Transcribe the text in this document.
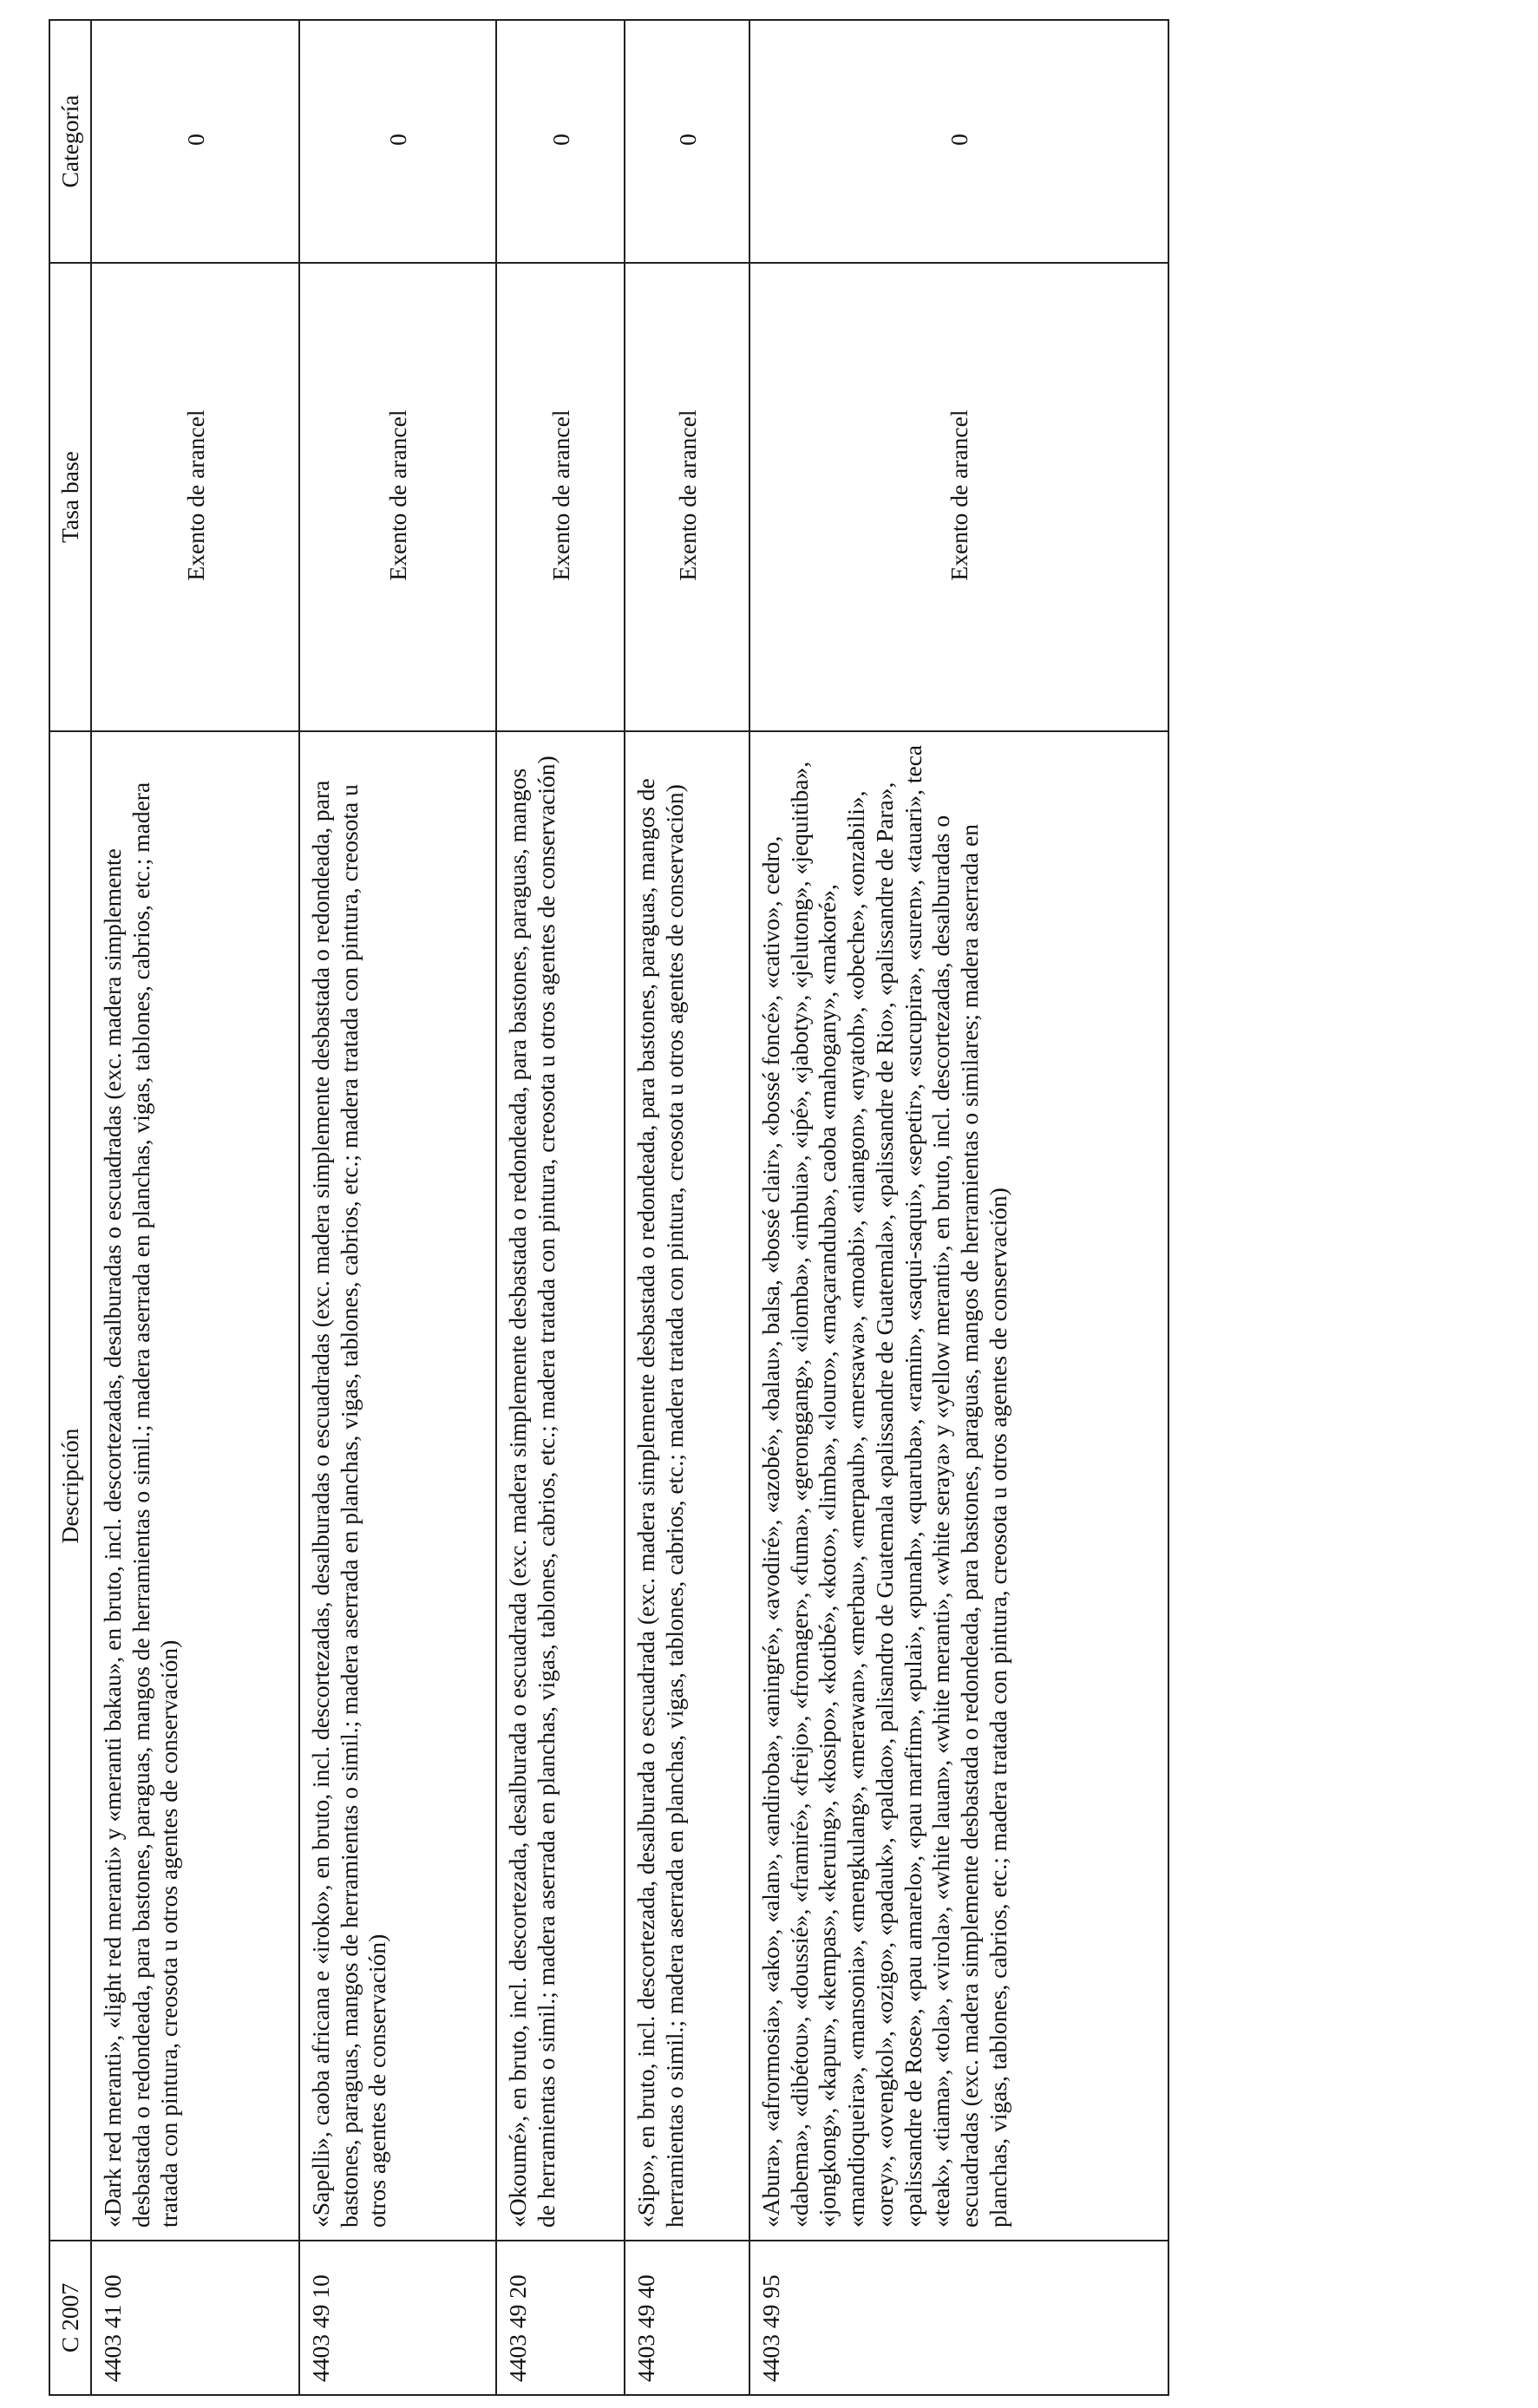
C 2007	Descripción	Tasa base	Categoría
4403 41 00	«Dark red meranti», «light red meranti» y «meranti bakau», en bruto, incl. descortezadas, desalburadas o escuadradas (exc. madera simplemente desbastada o redondeada, para bastones, paraguas, mangos de herramientas o simil.; madera aserrada en planchas, vigas, tablones, cabrios, etc.; madera tratada con pintura, creosota u otros agentes de conservación)	Exento de arancel	0
4403 49 10	«Sapelli», caoba africana e «iroko», en bruto, incl. descortezadas, desalburadas o escuadradas (exc. madera simplemente desbastada o redondeada, para bastones, paraguas, mangos de herramientas o simil.; madera aserrada en planchas, vigas, tablones, cabrios, etc.; madera tratada con pintura, creosota u otros agentes de conservación)	Exento de arancel	0
4403 49 20	«Okoumé», en bruto, incl. descortezada, desalburada o escuadrada (exc. madera simplemente desbastada o redondeada, para bastones, paraguas, mangos de herramientas o simil.; madera aserrada en planchas, vigas, tablones, cabrios, etc.; madera tratada con pintura, creosota u otros agentes de conservación)	Exento de arancel	0
4403 49 40	«Sipo», en bruto, incl. descortezada, desalburada o escuadrada (exc. madera simplemente desbastada o redondeada, para bastones, paraguas, mangos de herramientas o simil.; madera aserrada en planchas, vigas, tablones, cabrios, etc.; madera tratada con pintura, creosota u otros agentes de conservación)	Exento de arancel	0
4403 49 95	«Abura», «afrormosia», «ako», «alan», «andiroba», «aningré», «avodiré», «azobé», «balau», balsa, «bossé clair», «bossé foncé», «cativo», cedro, «dabema», «dibétou», «doussié», «framiré», «freijo», «fromager», «fuma», «geronggang», «ilomba», «imbuia», «ipé», «jaboty», «jelutong», «jequitiba», «jongkong», «kapur», «kempas», «keruing», «kosipo», «kotibé», «koto», «limba», «louro», «maçaranduba», caoba «mahogany», «makoré», «mandioqueira», «mansonia», «mengkulang», «merawan», «merbau», «merpauh», «mersawa», «moabi», «niangon», «nyatoh», «obeche», «onzabili», «orey», «ovengkol», «ozigo», «padauk», «paldao», palisandro de Guatemala «palissandre de Guatemala», «palissandre de Rio», «palissandre de Para», «palissandre de Rose», «pau amarelo», «pau marfim», «pulai», «punah», «quaruba», «ramin», «saqui-saqui», «sepetir», «sucupira», «suren», «tauari», teca «teak», «tiama», «tola», «virola», «white lauan», «white meranti», «white seraya» y «yellow meranti», en bruto, incl. descortezadas, desalburadas o escuadradas (exc. madera simplemente desbastada o redondeada, para bastones, paraguas, mangos de herramientas o similares; madera aserrada en planchas, vigas, tablones, cabrios, etc.; madera tratada con pintura, creosota u otros agentes de conservación)	Exento de arancel	0
